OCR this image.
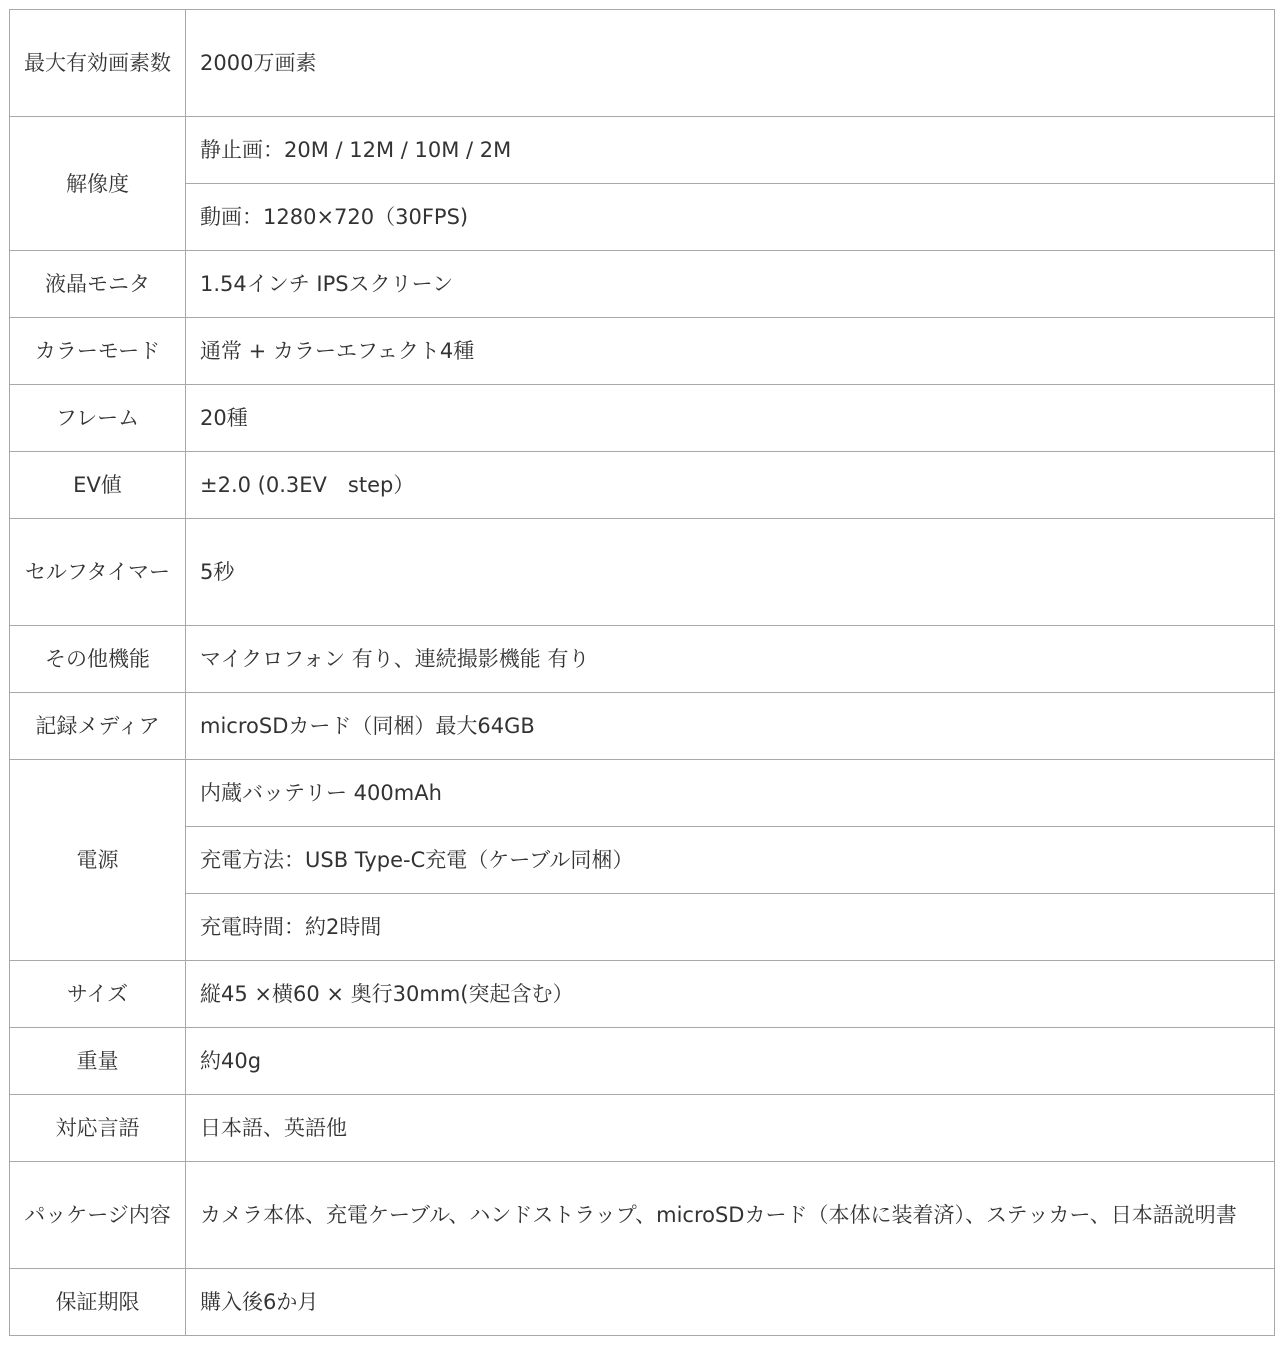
最大有効画素数	2000万画素
解像度	静止画：20M / 12M / 10M / 2M
	動画：1280×720（30FPS)
液晶モニタ	1.54インチ IPSスクリーン
カラーモード	通常 + カラーエフェクト4種
フレーム	20種
EV値	±2.0 (0.3EV　step）
セルフタイマー	5秒
その他機能	マイクロフォン 有り、連続撮影機能 有り
記録メディア	microSDカード（同梱）最大64GB
電源	内蔵バッテリー 400mAh
	充電方法：USB Type-C充電（ケーブル同梱）
	充電時間：約2時間
サイズ	縦45 ×横60 × 奥行30mm(突起含む）
重量	約40g
対応言語	日本語、英語他
パッケージ内容	カメラ本体、充電ケーブル、ハンドストラップ、microSDカード（本体に装着済）、ステッカー、日本語説明書
保証期限	購入後6か月
